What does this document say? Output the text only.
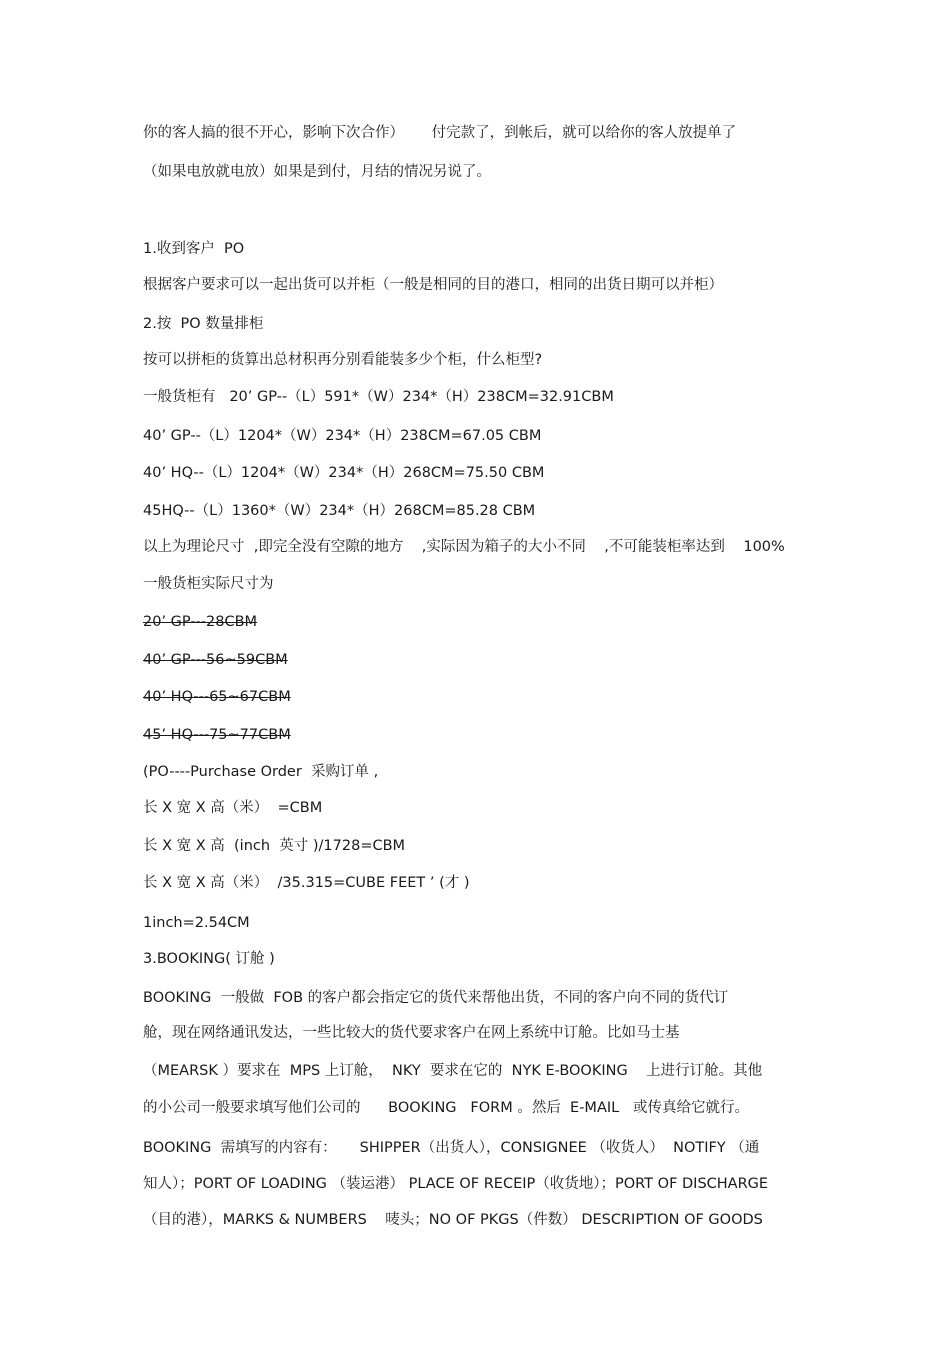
你的客人搞的很不开心，影响下次合作）      付完款了，到帐后，就可以给你的客人放提单了

（如果电放就电放）如果是到付，月结的情况另说了。

1.收到客户  PO

根据客户要求可以一起出货可以并柜（一般是相同的目的港口，相同的出货日期可以并柜）

2.按  PO 数量排柜

按可以拼柜的货算出总材积再分别看能装多少个柜，什么柜型?

一般货柜有   20’ GP--（L）591*（W）234*（H）238CM=32.91CBM

40’ GP--（L）1204*（W）234*（H）238CM=67.05 CBM

40’ HQ--（L）1204*（W）234*（H）268CM=75.50 CBM

45HQ--（L）1360*（W）234*（H）268CM=85.28 CBM

以上为理论尺寸  ,即完全没有空隙的地方    ,实际因为箱子的大小不同    ,不可能装柜率达到    100%

一般货柜实际尺寸为

20’ GP---28CBM

40’ GP---56~59CBM

40’ HQ---65~67CBM

45’ HQ---75~77CBM

(PO----Purchase Order  采购订单 ,

长 X 宽 X 高（米）  =CBM

长 X 宽 X 高  (inch  英寸 )/1728=CBM

长 X 宽 X 高（米）  /35.315=CUBE FEET ’ (才 )

1inch=2.54CM

3.BOOKING( 订舱 )

BOOKING  一般做  FOB 的客户都会指定它的货代来帮他出货，不同的客户向不同的货代订

舱，现在网络通讯发达，一些比较大的货代要求客户在网上系统中订舱。比如马士基

（MEARSK ）要求在  MPS 上订舱，  NKY  要求在它的  NYK E-BOOKING    上进行订舱。其他

的小公司一般要求填写他们公司的      BOOKING   FORM 。然后  E-MAIL   或传真给它就行。

BOOKING  需填写的内容有：     SHIPPER（出货人），CONSIGNEE （收货人）  NOTIFY （通

知人）；PORT OF LOADING （装运港） PLACE OF RECEIP（收货地）；PORT OF DISCHARGE

（目的港），MARKS & NUMBERS    唛头；NO OF PKGS（件数） DESCRIPTION OF GOODS
